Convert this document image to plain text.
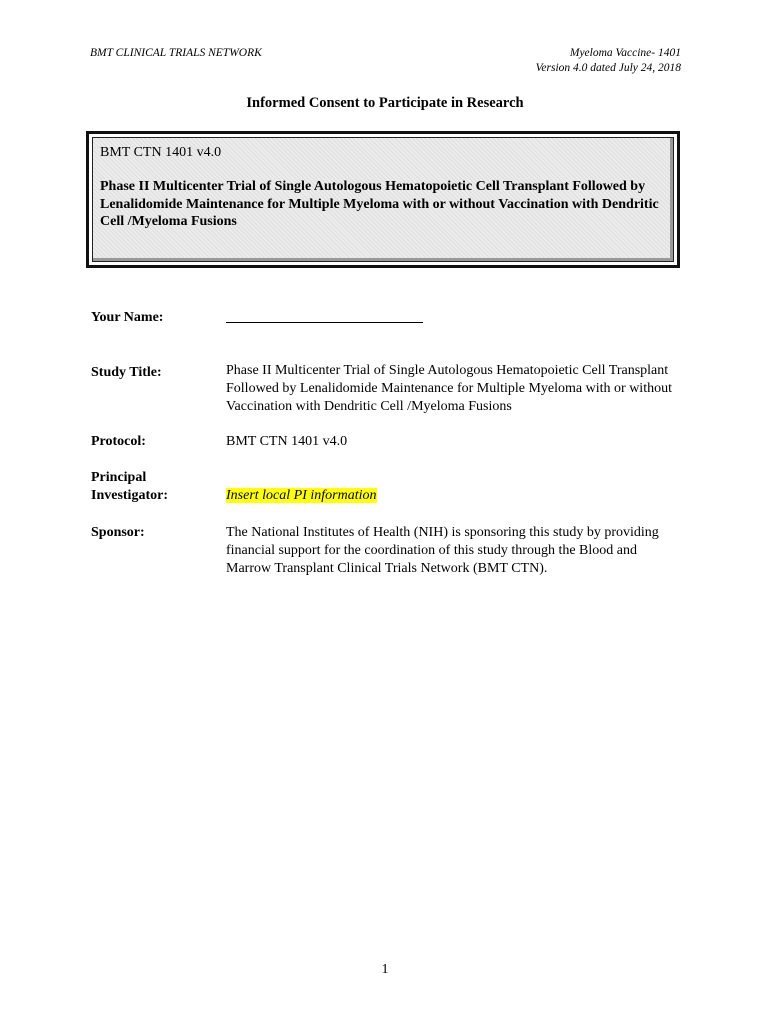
BMT CLINICAL TRIALS NETWORK	Myeloma Vaccine- 1401
Version 4.0 dated July 24, 2018
Informed Consent to Participate in Research
BMT CTN 1401 v4.0
Phase II Multicenter Trial of Single Autologous Hematopoietic Cell Transplant Followed by Lenalidomide Maintenance for Multiple Myeloma with or without Vaccination with Dendritic Cell /Myeloma Fusions
Your Name:
Study Title:	Phase II Multicenter Trial of Single Autologous Hematopoietic Cell Transplant Followed by Lenalidomide Maintenance for Multiple Myeloma with or without Vaccination with Dendritic Cell /Myeloma Fusions
Protocol:	BMT CTN 1401 v4.0
Principal
Investigator:	Insert local PI information
Sponsor:	The National Institutes of Health (NIH) is sponsoring this study by providing financial support for the coordination of this study through the Blood and Marrow Transplant Clinical Trials Network (BMT CTN).
1
